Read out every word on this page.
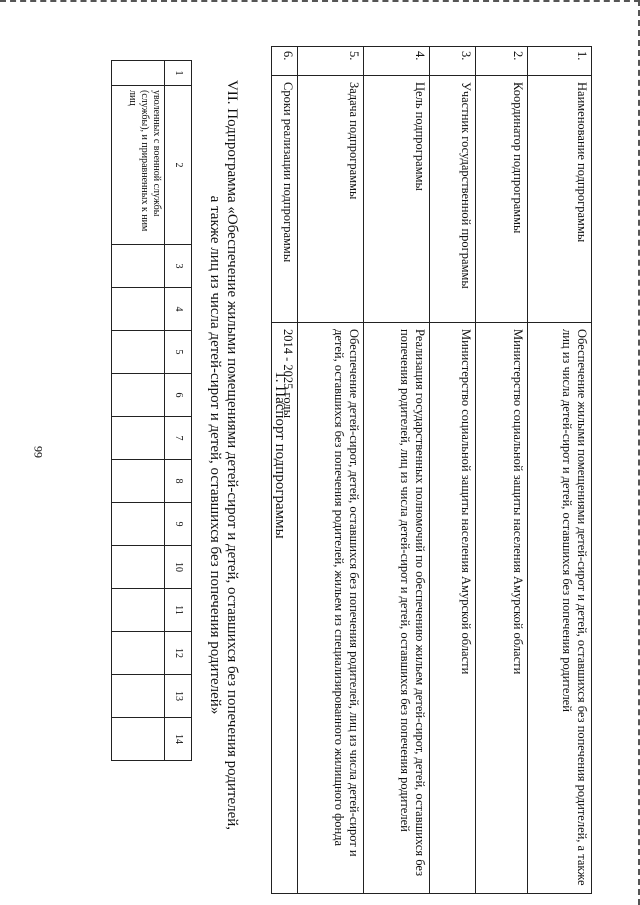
99
1	2	3	4	5	6	7	8	9	10	11	12	13	14
	уволенных с военной службы (службы), и приравненных к ним лиц													VII. Подпрограмма «Обеспечение жилыми помещениями детей-сирот и детей, оставшихся без попечения родителей,
а также лиц из числа детей-сирот и детей, оставшихся без попечения родителей»	1. Паспорт подпрограммы
1.	Наименование подпрограммы	Обеспечение жилыми помещениями детей-сирот и детей, оставшихся без попечения родителей, а также лиц из числа детей-сирот и детей, оставшихся без попечения родителей
2.	Координатор подпрограммы	Министерство социальной защиты населения Амурской области
3.	Участник государственной программы	Министерство социальной защиты населения Амурской области
4.	Цель подпрограммы	Реализация государственных полномочий по обеспечению жильем детей-сирот, детей, оставшихся без попечения родителей, лиц из числа детей-сирот и детей, оставшихся без попечения родителей
5.	Задача подпрограммы	Обеспечение детей-сирот, детей, оставшихся без попечения родителей, лиц из числа детей-сирот и детей, оставшихся без попечения родителей, жильем из специализированного жилищного фонда
6.	Сроки реализации подпрограммы	2014 - 2025 годы
